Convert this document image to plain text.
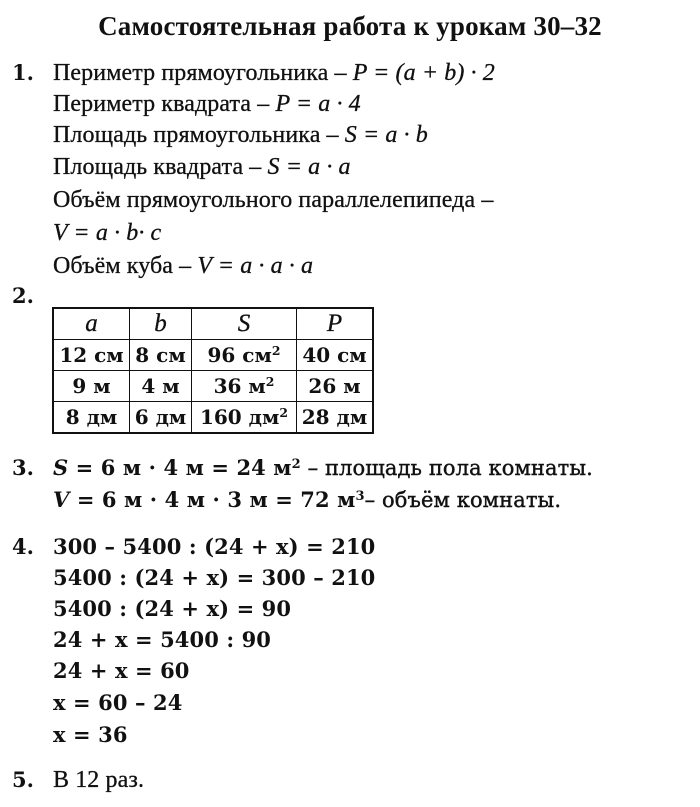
Самостоятельная работа к урокам 30–32
1. Периметр прямоугольника – P = (a + b) · 2
Периметр квадрата – P = a · 4
Площадь прямоугольника – S = a · b
Площадь квадрата – S = a · a
Объём прямоугольного параллелепипеда –
V = a · b· c
Объём куба – V = a · a · a
2.
a	b	S	P
12 см	8 см	96 $см^2$	40 см
9 м	4 м	36 $м^2$	26 м
8 дм	6 дм	160 $дм^2$	28 дм
3. S = 6 м · 4 м = 24 $м^2$ – площадь пола комнаты.
V = 6 м · 4 м · 3 м = 72 $м^3-$ объём комнаты.
4. 300 – 5400 : (24 + x) = 210
5400 : (24 + x) = 300 – 210
5400 : (24 + x) = 90
24 + x = 5400 : 90
24 + x = 60
x = 60 – 24
x = 36
5. В 12 раз.
